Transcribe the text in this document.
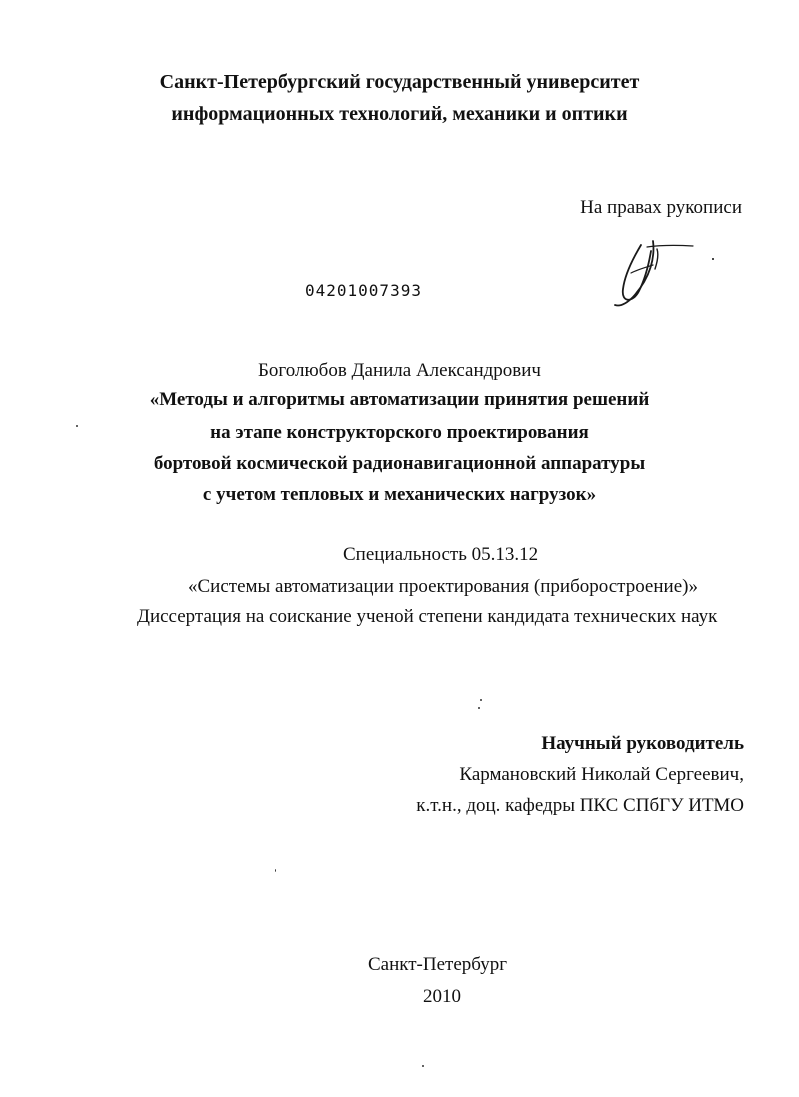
Санкт-Петербургский государственный университет
информационных технологий, механики и оптики
На правах рукописи
04201007393
Боголюбов Данила Александрович
«Методы и алгоритмы автоматизации принятия решений
на этапе конструкторского проектирования
бортовой космической радионавигационной аппаратуры
с учетом тепловых и механических нагрузок»
Специальность 05.13.12
«Системы автоматизации проектирования (приборостроение)»
Диссертация на соискание ученой степени кандидата технических наук
Научный руководитель
Кармановский Николай Сергеевич,
к.т.н., доц. кафедры ПКС СПбГУ ИТМО
Санкт-Петербург
2010
